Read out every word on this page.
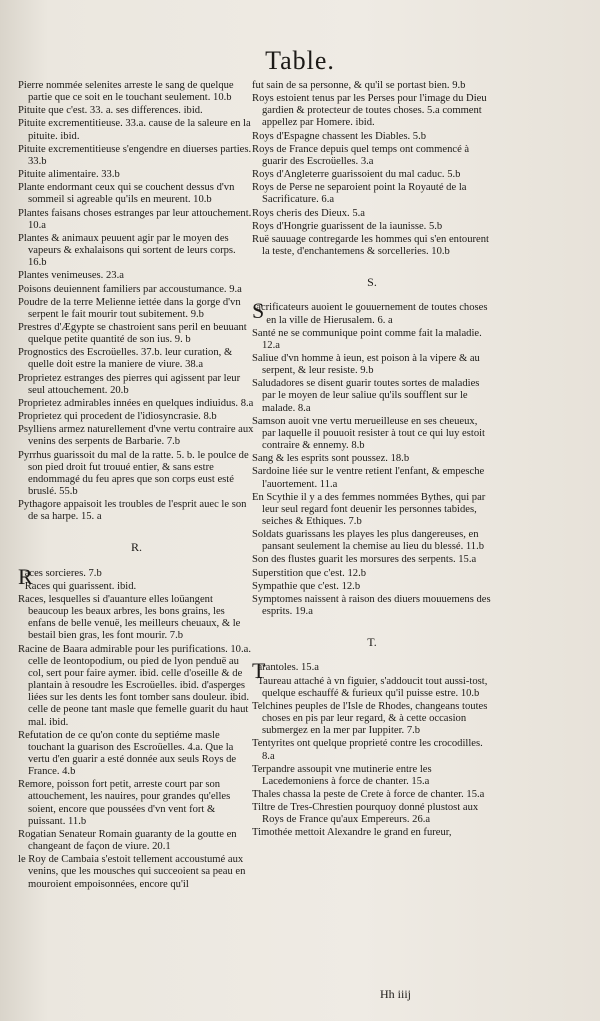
Table.
Pierre nommée selenites arreste le sang de quelque partie que ce soit en le touchant seulement. 10.b
Pituite que c'est. 33. a. ses differences. ibid.
Pituite excrementitieuse. 33.a. cause de la saleure en la pituite. ibid.
Pituite excrementitieuse s'engendre en diuerses parties. 33.b
Pituite alimentaire. 33.b
Plante endormant ceux qui se couchent dessus d'vn sommeil si agreable qu'ils en meurent. 10.b
Plantes faisans choses estranges par leur attouchement. 10.a
Plantes & animaux peuuent agir par le moyen des vapeurs & exhalaisons qui sortent de leurs corps. 16.b
Plantes venimeuses. 23.a
Poisons deuiennent familiers par accoustumance. 9.a
Poudre de la terre Melienne iettée dans la gorge d'vn serpent le fait mourir tout subitement. 9.b
Prestres d'Ægypte se chastroient sans peril en beuuant quelque petite quantité de son ius. 9. b
Prognostics des Escroüelles. 37.b. leur curation, & quelle doit estre la maniere de viure. 38.a
Proprietez estranges des pierres qui agissent par leur seul attouchement. 20.b
Proprietez admirables innées en quelques indiuidus. 8.a
Proprietez qui procedent de l'idiosyncrasie. 8.b
Psylliens armez naturellement d'vne vertu contraire aux venins des serpents de Barbarie. 7.b
Pyrrhus guarissoit du mal de la ratte. 5. b. le poulce de son pied droit fut trouué entier, & sans estre endommagé du feu apres que son corps eust esté bruslé. 55.b
Pythagore appaisoit les troubles de l'esprit auec le son de sa harpe. 15. a
R.
Races sorcieres. 7.b
Races qui guarissent. ibid.
Races, lesquelles si d'auanture elles loüangent beaucoup les beaux arbres, les bons grains, les enfans de belle venuë, les meilleurs cheuaux, & le bestail bien gras, les font mourir. 7.b
Racine de Baara admirable pour les purifications. 10.a. celle de leontopodium, ou pied de lyon penduë au col, sert pour faire aymer. ibid. celle d'oseille & de plantain à resoudre les Escroüelles. ibid. d'asperges liées sur les dents les font tomber sans douleur. ibid. celle de peone tant masle que femelle guarit du haut mal. ibid.
Refutation de ce qu'on conte du septiéme masle touchant la guarison des Escroüelles. 4.a. Que la vertu d'en guarir a esté donnée aux seuls Roys de France. 4.b
Remore, poisson fort petit, arreste court par son attouchement, les nauires, pour grandes qu'elles soient, encore que poussées d'vn vent fort & puissant. 11.b
Rogatian Senateur Romain guaranty de la goutte en changeant de façon de viure. 20.1
le Roy de Cambaia s'estoit tellement accoustumé aux venins, que les mousches qui succeoient sa peau en mouroient empoisonnées, encore qu'il
fut sain de sa personne, & qu'il se portast bien. 9.b
Roys estoient tenus par les Perses pour l'image du Dieu gardien & protecteur de toutes choses. 5.a comment appellez par Homere. ibid.
Roys d'Espagne chassent les Diables. 5.b
Roys de France depuis quel temps ont commencé à guarir des Escroüelles. 3.a
Roys d'Angleterre guarissoient du mal caduc. 5.b
Roys de Perse ne separoient point la Royauté de la Sacrificature. 6.a
Roys cheris des Dieux. 5.a
Roys d'Hongrie guarissent de la iaunisse. 5.b
Ruë sauuage contregarde les hommes qui s'en entourent la teste, d'enchantemens & sorcelleries. 10.b
S.
Sacrificateurs auoient le gouuernement de toutes choses en la ville de Hierusalem. 6. a
Santé ne se communique point comme fait la maladie. 12.a
Saliue d'vn homme à ieun, est poison à la vipere & au serpent, & leur resiste. 9.b
Saludadores se disent guarir toutes sortes de maladies par le moyen de leur saliue qu'ils soufflent sur le malade. 8.a
Samson auoit vne vertu merueilleuse en ses cheueux, par laquelle il pouuoit resister à tout ce qui luy estoit contraire & ennemy. 8.b
Sang & les esprits sont poussez. 18.b
Sardoine liée sur le ventre retient l'enfant, & empesche l'auortement. 11.a
En Scythie il y a des femmes nommées Bythes, qui par leur seul regard font deuenir les personnes tabides, seiches & Ethiques. 7.b
Soldats guarissans les playes les plus dangereuses, en pansant seulement la chemise au lieu du blessé. 11.b
Son des flustes guarit les morsures des serpents. 15.a
Superstition que c'est. 12.b
Sympathie que c'est. 12.b
Symptomes naissent à raison des diuers mouuemens des esprits. 19.a
T.
Tarantoles. 15.a
Taureau attaché à vn figuier, s'addoucit tout aussi-tost, quelque eschauffé & furieux qu'il puisse estre. 10.b
Telchines peuples de l'Isle de Rhodes, changeans toutes choses en pis par leur regard, & à cette occasion submergez en la mer par Iuppiter. 7.b
Tentyrites ont quelque proprieté contre les crocodilles. 8.a
Terpandre assoupit vne mutinerie entre les Lacedemoniens à force de chanter. 15.a
Thales chassa la peste de Crete à force de chanter. 15.a
Tiltre de Tres-Chrestien pourquoy donné plustost aux Roys de France qu'aux Empereurs. 26.a
Timothée mettoit Alexandre le grand en fureur,
Hh iiij
